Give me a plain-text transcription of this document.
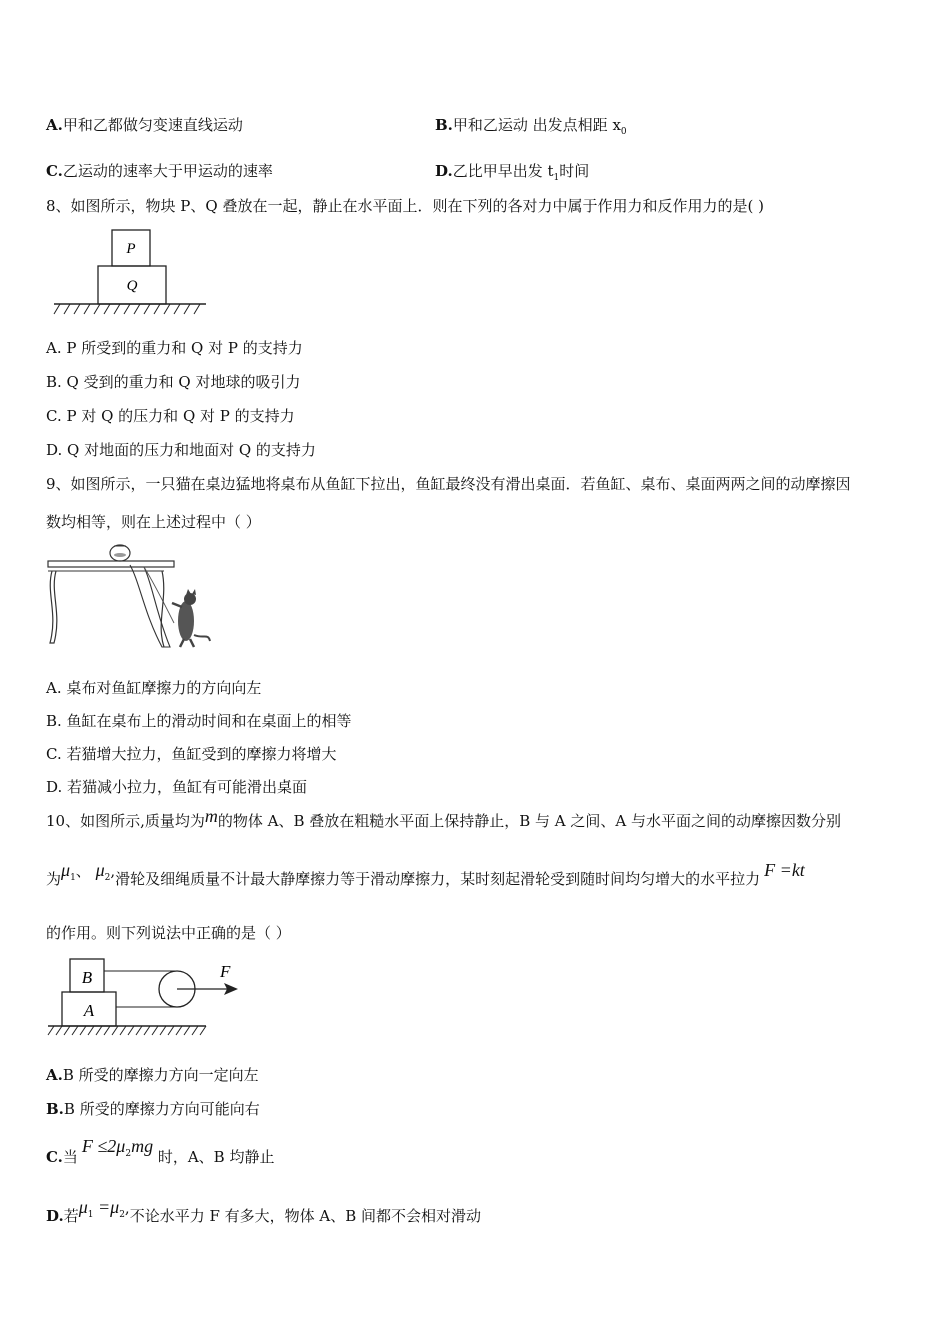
A.甲和乙都做匀变速直线运动	B.甲和乙运动 出发点相距 $x_0$
C.乙运动的速率大于甲运动的速率	D.乙比甲早出发 $t_1$时间
8、如图所示，物块 P、Q 叠放在一起，静止在水平面上．则在下列的各对力中属于作用力和反作用力的是( )
P
Q
A. P 所受到的重力和 Q 对 P 的支持力
B. Q 受到的重力和 Q 对地球的吸引力
C. P 对 Q 的压力和 Q 对 P 的支持力
D. Q 对地面的压力和地面对 Q 的支持力
9、如图所示，一只猫在桌边猛地将桌布从鱼缸下拉出，鱼缸最终没有滑出桌面．若鱼缸、桌布、桌面两两之间的动摩擦因
数均相等，则在上述过程中（ ）
A. 桌布对鱼缸摩擦力的方向向左
B. 鱼缸在桌布上的滑动时间和在桌面上的相等
C. 若猫增大拉力，鱼缸受到的摩擦力将增大
D. 若猫减小拉力，鱼缸有可能滑出桌面
10、如图所示,质量均为m的物体 A、B 叠放在粗糙水平面上保持静止，B 与 A 之间、A 与水平面之间的动摩擦因数分别
为$\mu_1$、 $\mu_2$,滑轮及细绳质量不计最大静摩擦力等于滑动摩擦力，某时刻起滑轮受到随时间均匀增大的水平拉力 F =kt
的作用。则下列说法中正确的是（ ）
B
A
F
A.B 所受的摩擦力方向一定向左
B.B 所受的摩擦力方向可能向右
C.当$F \le 2\mu_2mg$ 时，A、B 均静止
D.若$\mu_1 =\mu_2$,不论水平力 F 有多大，物体 A、B 间都不会相对滑动
